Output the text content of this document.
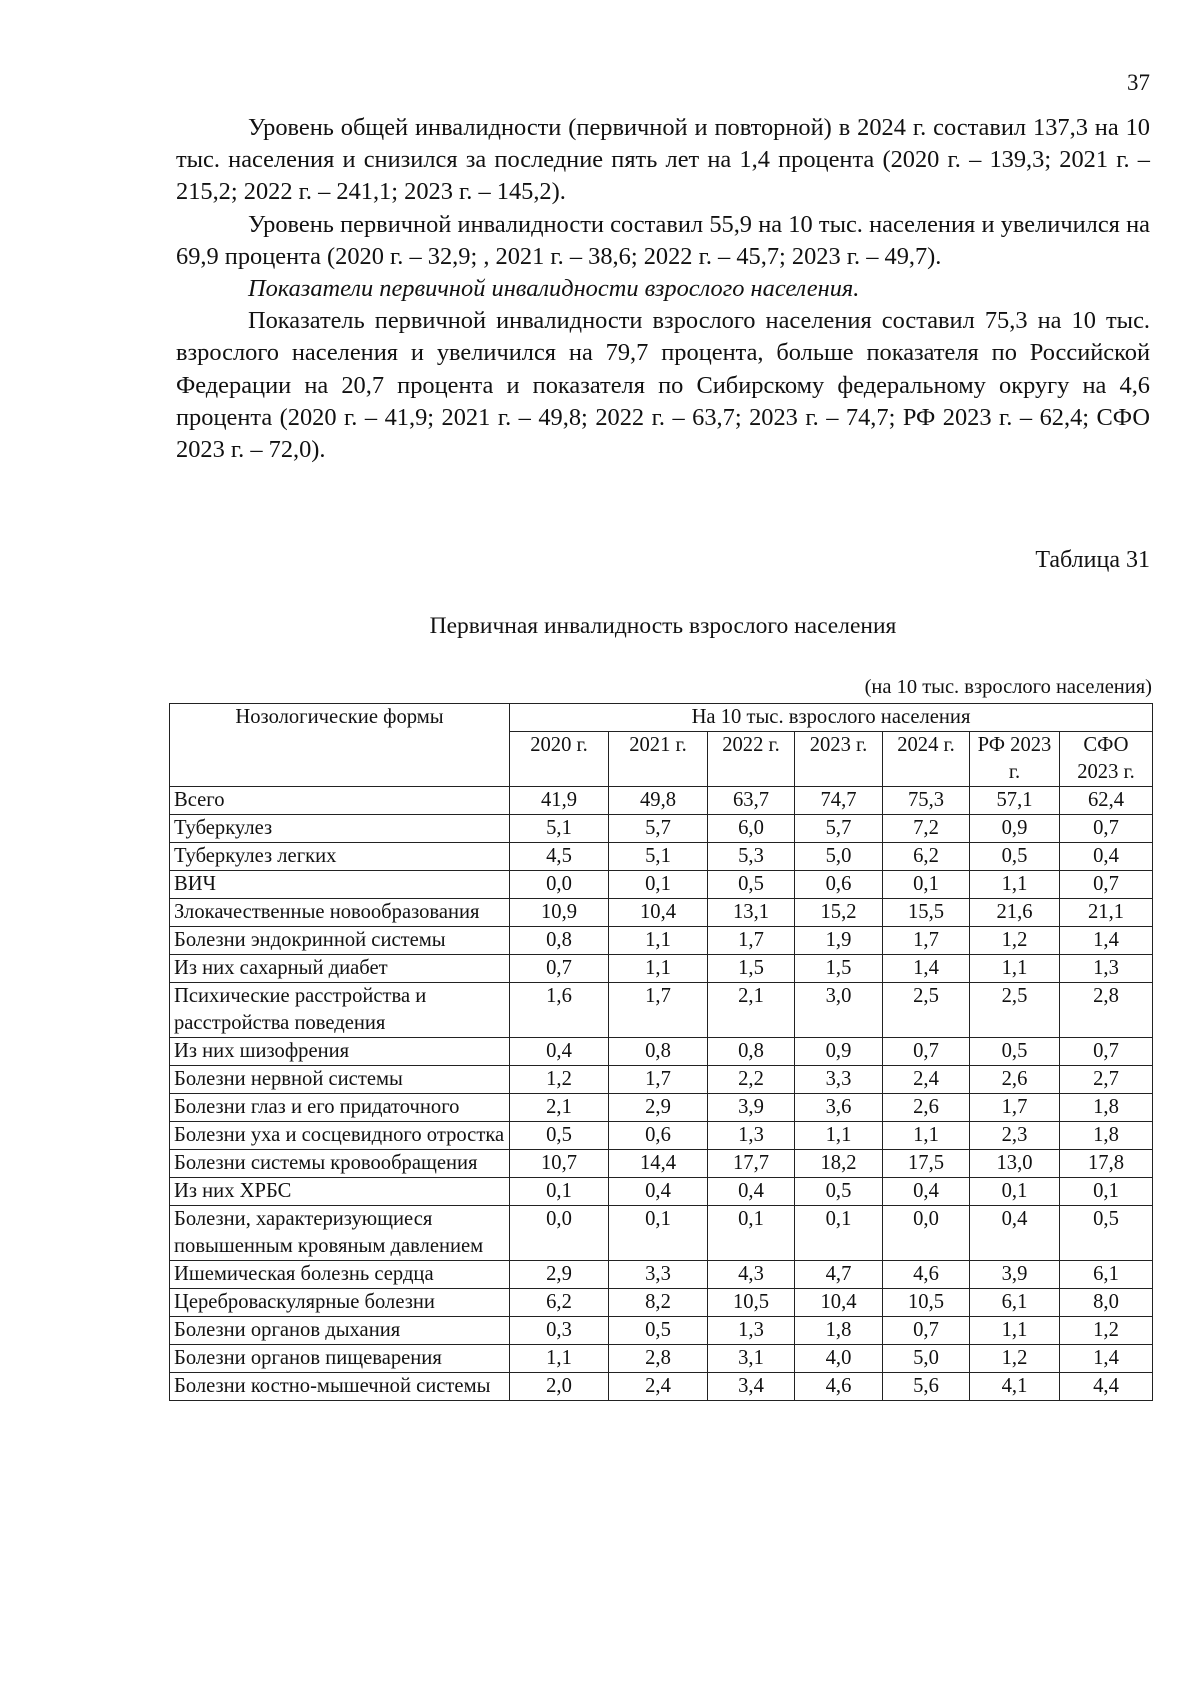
37

Уровень общей инвалидности (первичной и повторной) в 2024 г. составил 137,3 на 10 тыс. населения и снизился за последние пять лет на 1,4 процента (2020 г. – 139,3; 2021 г. – 215,2; 2022 г. – 241,1; 2023 г. – 145,2).

Уровень первичной инвалидности составил 55,9 на 10 тыс. населения и увеличился на 69,9 процента (2020 г. – 32,9; , 2021 г. – 38,6; 2022 г. – 45,7; 2023 г. – 49,7).

Показатели первичной инвалидности взрослого населения.

Показатель первичной инвалидности взрослого населения составил 75,3 на 10 тыс. взрослого населения и увеличился на 79,7 процента, больше показателя по Российской Федерации на 20,7 процента и показателя по Сибирскому федеральному округу на 4,6 процента (2020 г. – 41,9; 2021 г. – 49,8; 2022 г. – 63,7; 2023 г. – 74,7; РФ 2023 г. – 62,4; СФО 2023 г. – 72,0).

Таблица 31
Первичная инвалидность взрослого населения
(на 10 тыс. взрослого населения)
Нозологические формы	На 10 тыс. взрослого населения						
	2020 г.	2021 г.	2022 г.	2023 г.	2024 г.	РФ 2023 г.	СФО 2023 г.

Всего	41,9	49,8	63,7	74,7	75,3	57,1	62,4
Туберкулез	5,1	5,7	6,0	5,7	7,2	0,9	0,7
Туберкулез легких	4,5	5,1	5,3	5,0	6,2	0,5	0,4
ВИЧ	0,0	0,1	0,5	0,6	0,1	1,1	0,7
Злокачественные новообразования	10,9	10,4	13,1	15,2	15,5	21,6	21,1
Болезни эндокринной системы	0,8	1,1	1,7	1,9	1,7	1,2	1,4
Из них сахарный диабет	0,7	1,1	1,5	1,5	1,4	1,1	1,3
Психические расстройства и расстройства поведения	1,6	1,7	2,1	3,0	2,5	2,5	2,8
Из них шизофрения	0,4	0,8	0,8	0,9	0,7	0,5	0,7
Болезни нервной системы	1,2	1,7	2,2	3,3	2,4	2,6	2,7
Болезни глаз и его придаточного	2,1	2,9	3,9	3,6	2,6	1,7	1,8
Болезни уха и сосцевидного отростка	0,5	0,6	1,3	1,1	1,1	2,3	1,8
Болезни системы кровообращения	10,7	14,4	17,7	18,2	17,5	13,0	17,8
Из них ХРБС	0,1	0,4	0,4	0,5	0,4	0,1	0,1
Болезни, характеризующиеся повышенным кровяным давлением	0,0	0,1	0,1	0,1	0,0	0,4	0,5
Ишемическая болезнь сердца	2,9	3,3	4,3	4,7	4,6	3,9	6,1
Цереброваскулярные болезни	6,2	8,2	10,5	10,4	10,5	6,1	8,0
Болезни органов дыхания	0,3	0,5	1,3	1,8	0,7	1,1	1,2
Болезни органов пищеварения	1,1	2,8	3,1	4,0	5,0	1,2	1,4
Болезни костно-мышечной системы	2,0	2,4	3,4	4,6	5,6	4,1	4,4
